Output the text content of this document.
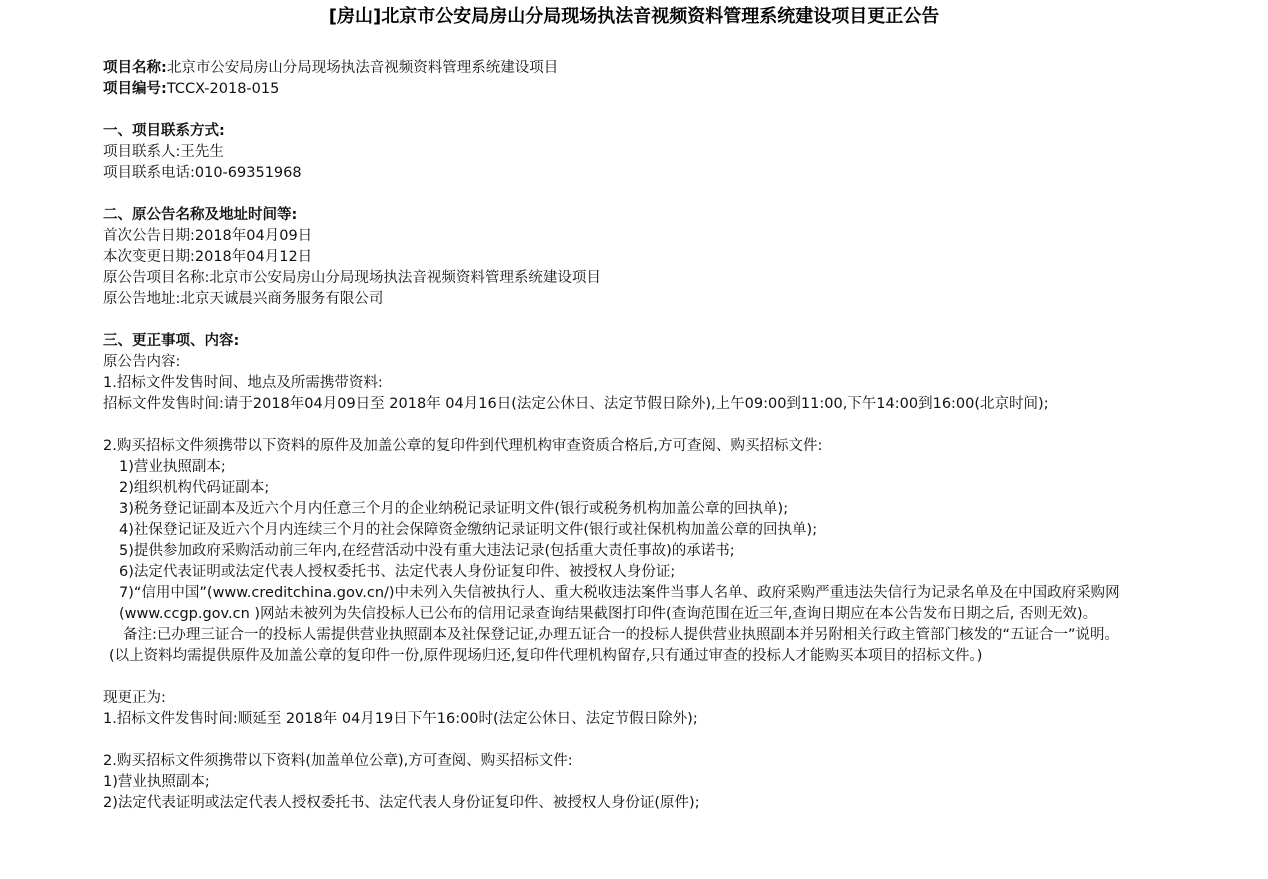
[房山]北京市公安局房山分局现场执法音视频资料管理系统建设项目更正公告
项目名称:北京市公安局房山分局现场执法音视频资料管理系统建设项目
项目编号:TCCX-2018-015
一、项目联系方式:
项目联系人:王先生
项目联系电话:010-69351968
二、原公告名称及地址时间等:
首次公告日期:2018年04月09日
本次变更日期:2018年04月12日
原公告项目名称:北京市公安局房山分局现场执法音视频资料管理系统建设项目
原公告地址:北京天诚晨兴商务服务有限公司
三、更正事项、内容:
原公告内容:
1.招标文件发售时间、地点及所需携带资料:
招标文件发售时间:请于2018年04月09日至 2018年 04月16日(法定公休日、法定节假日除外),上午09:00到11:00,下午14:00到16:00(北京时间);
2.购买招标文件须携带以下资料的原件及加盖公章的复印件到代理机构审查资质合格后,方可查阅、购买招标文件:
1)营业执照副本;
2)组织机构代码证副本;
3)税务登记证副本及近六个月内任意三个月的企业纳税记录证明文件(银行或税务机构加盖公章的回执单);
4)社保登记证及近六个月内连续三个月的社会保障资金缴纳记录证明文件(银行或社保机构加盖公章的回执单);
5)提供参加政府采购活动前三年内,在经营活动中没有重大违法记录(包括重大责任事故)的承诺书;
6)法定代表证明或法定代表人授权委托书、法定代表人身份证复印件、被授权人身份证;
7)“信用中国”(www.creditchina.gov.cn/)中未列入失信被执行人、重大税收违法案件当事人名单、政府采购严重违法失信行为记录名单及在中国政府采购网(www.ccgp.gov.cn )网站未被列为失信投标人已公布的信用记录查询结果截图打印件(查询范围在近三年,查询日期应在本公告发布日期之后, 否则无效)。
备注:已办理三证合一的投标人需提供营业执照副本及社保登记证,办理五证合一的投标人提供营业执照副本并另附相关行政主管部门核发的“五证合一”说明。
(以上资料均需提供原件及加盖公章的复印件一份,原件现场归还,复印件代理机构留存,只有通过审查的投标人才能购买本项目的招标文件。)
现更正为:
1.招标文件发售时间:顺延至 2018年 04月19日下午16:00时(法定公休日、法定节假日除外);
2.购买招标文件须携带以下资料(加盖单位公章),方可查阅、购买招标文件:
1)营业执照副本;
2)法定代表证明或法定代表人授权委托书、法定代表人身份证复印件、被授权人身份证(原件);
